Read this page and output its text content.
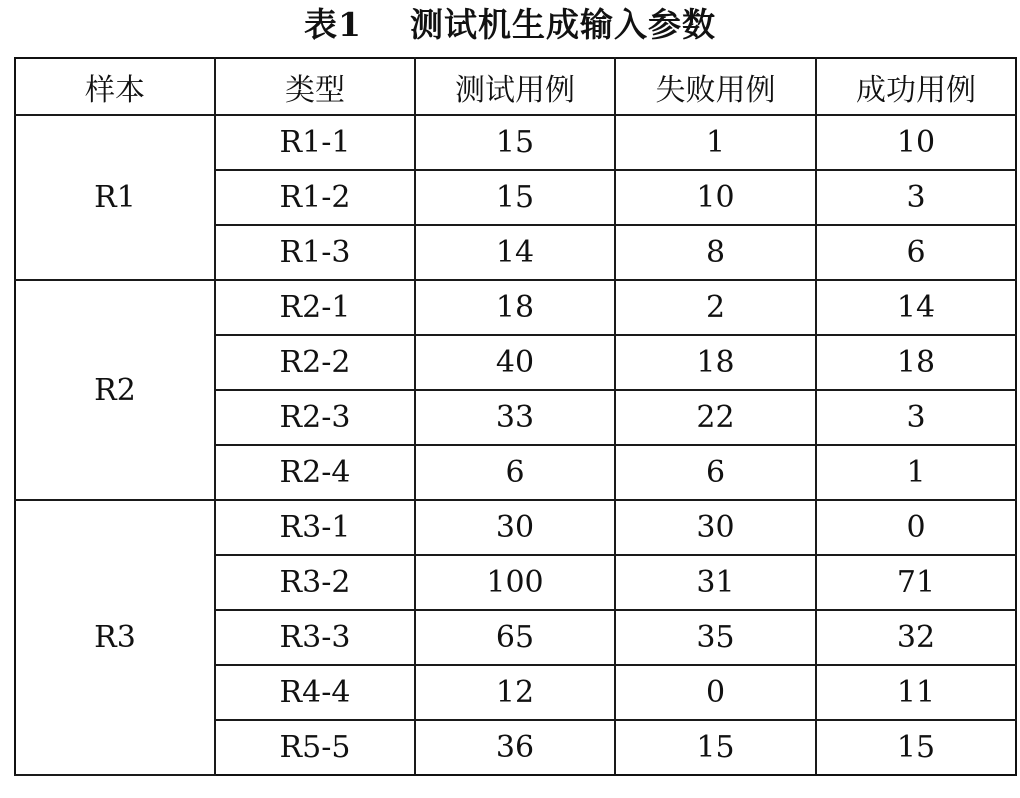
表1 测试机生成输入参数
样本	类型	测试用例	失败用例	成功用例
R1	R1-1	15	1	10
	R1-2	15	10	3
	R1-3	14	8	6
R2	R2-1	18	2	14
	R2-2	40	18	18
	R2-3	33	22	3
	R2-4	6	6	1
R3	R3-1	30	30	0
	R3-2	100	31	71
	R3-3	65	35	32
	R4-4	12	0	11
	R5-5	36	15	15
